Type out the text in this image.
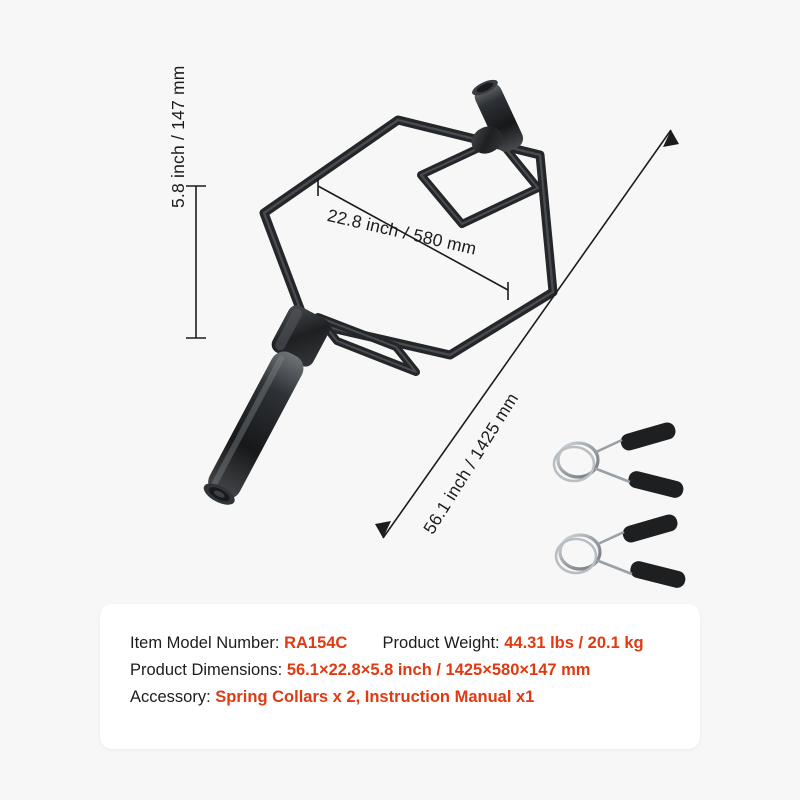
22.8 inch / 580 mm
56.1 inch / 1425 mm
5.8 inch / 147 mm
Item Model Number: RA154C Product Weight: 44.31 lbs / 20.1 kg
Product Dimensions: 56.1×22.8×5.8 inch / 1425×580×147 mm
Accessory: Spring Collars x 2, Instruction Manual x1
